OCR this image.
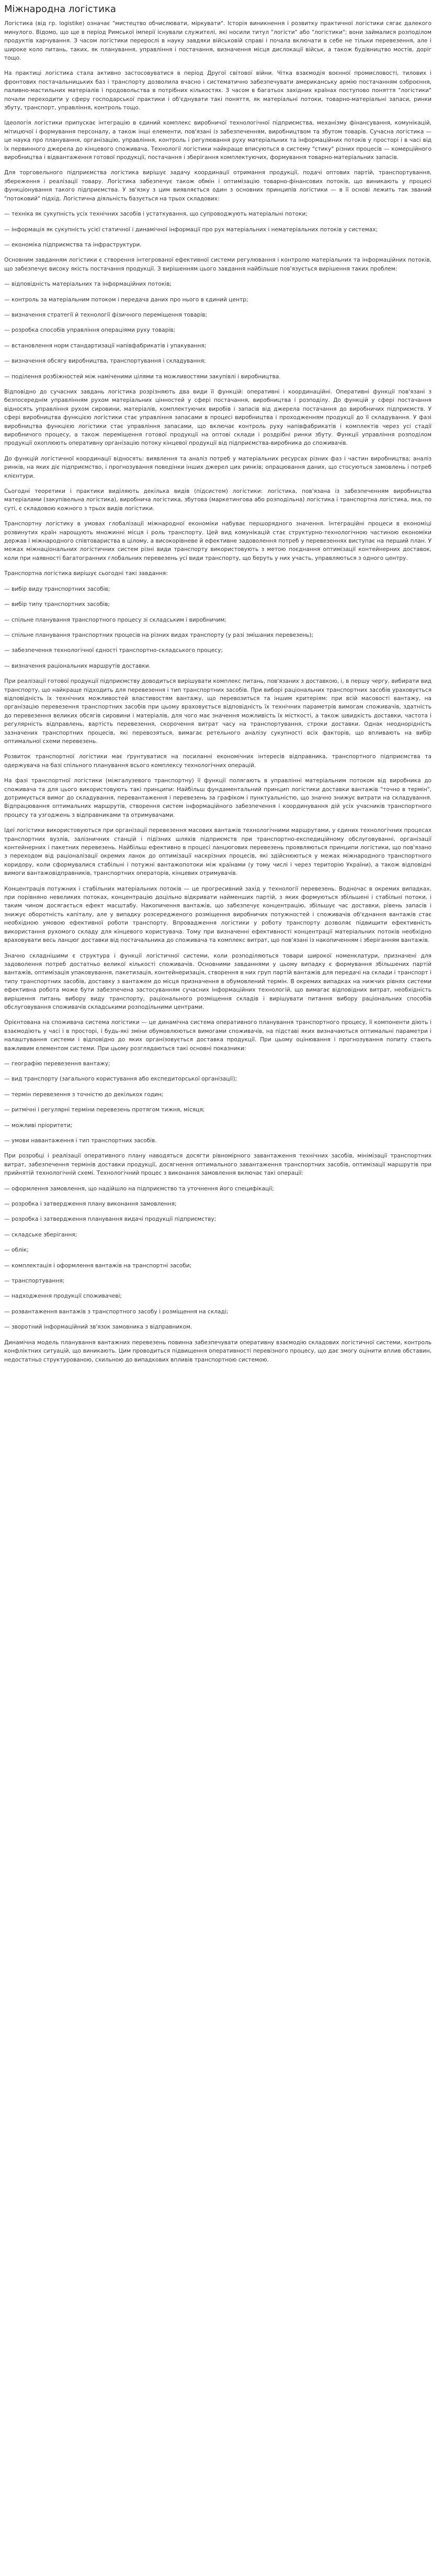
Міжнародна логістика

Логістика (від гр. logistike) означає "мистецтво обчислювати, міркувати". Історія виникнення і розвитку практичної логістики сягає далекого минулого. Відомо, що ще в період Римської імперії існували служителі, які носили титул "логісти" або "логістики"; вони займалися розподілом продуктів харчування. З часом логістики перерослі в науку завдяки військовій справі і почала включати в себе не тільки перевезення, але і широке коло питань, таких, як планування, управління і постачання, визначення місця дислокації військ, а також будівництво мостів, доріг тощо.

На практиці логістика стала активно застосовуватися в період Другої світової війни. Чітка взаємодія воєнної промисловості, тилових і фронтових постачальницьких баз і транспорту дозволила вчасно і систематично забезпечувати американську армію постачанням озброєння, паливно-мастильних матеріалів і продовольства в потрібних кількостях. З часом в багатьох західних країнах поступово поняття "логістики" почали переходити у сферу господарської практики і об'єднувати такі поняття, як матеріальні потоки, товарно-матеріальні запаси, ринки збуту, транспорт, управління, контроль тощо.

Ідеологія логістики припускає інтеграцію в єдиний комплекс виробничої технологічної підприємства, механізму фінансування, комунікацій, мітицючої і формування персоналу, а також інші елементи, пов'язані із забезпеченням, виробництвом та збутом товарів. Сучасна логістика — це наука про планування, організацію, управління, контроль і регулювання руху матеріальних та інформаційних потоків у просторі і в часі від їх первинного джерела до кінцевого споживача. Технології логістики найкраще вписуються в систему "стику" різних процесів — комерційного виробництва і відвантаження готової продукції, постачання і зберігання комплектуючих, формування товарно-матеріальних запасів.

Для торговельного підприємства логістика вирішує задачу координації отримання продукції, подачі оптових партій, транспортування, збереження і реалізації товару. Логістика забезпечує також обмін і оптимізацію товарно-фінансових потоків, що виникають у процесі функціонування такого підприємства. У зв'язку з цим виявляється один з основних принципів логістики — в її основі лежить так званий "потоковий" підхід. Логістична діяльність базується на трьох складових:

— техніка як сукупність усіх технічних засобів і устаткування, що супроводжують матеріальні потоки;
— інформація як сукупність усієї статичної і динамічної інформації про рух матеріальних і нематеріальних потоків у системах;
— економіка підприємства та інфраструктури.

Основним завданням логістики є створення інтегрованої ефективної системи регулювання і контролю матеріальних та інформаційних потоків, що забезпечує високу якість постачання продукції. З вирішенням цього завдання найбільше пов'язується вирішення таких проблем:

— відповідність матеріальних та інформаційних потоків;
— контроль за матеріальним потоком і передача даних про нього в єдиний центр;
— визначення стратегії й технології фізичного переміщення товарів;
— розробка способів управління операціями руху товарів;
— встановлення норм стандартизації напівфабрикатів і упакування;
— визначення обсягу виробництва, транспортування і складування;
— поділення розбіжностей між наміченими цілями та можливостями закупівлі і виробництва.

Відповідно до сучасних завдань логістика розрізняють два види її функцій: оперативні і координаційні. Оперативні функції пов'язані з безпосереднім управлінням рухом матеріальних цінностей у сфері постачання, виробництва і розподілу. До функцій у сфері постачання відносять управління рухом сировини, матеріалів, комплектуючих виробів і запасів від джерела постачання до виробничих підприємств. У сфері виробництва функцією логістики стає управління запасами в процесі виробництва і проходженням продукції до її складування. У фазі виробництва функцією логістики стає управління запасами, що включає контроль руху напівфабрикатів і комплектів через усі стадії виробничого процесу, а також переміщення готової продукції на оптові склади і роздрібні ринки збуту. Функції управління розподілом продукції охоплюють оперативну організацію потоку кінцевої продукції від підприємства-виробника до споживачів.

До функцій логістичної координації відносять: виявлення та аналіз потреб у матеріальних ресурсах різних фаз і частин виробництва; аналіз ринків, на яких діє підприємство, і прогнозування поведінки інших джерел цих ринків; опрацювання даних, що стосуються замовлень і потреб клієнтури.

Сьогодні теоретики і практики виділяють декілька видів (підсистем) логістики: логістика, пов'язана із забезпеченням виробництва матеріалами (закупівельна логістика), виробнича логістика, збутова (маркетингова або розподільна) логістика і транспортна логістика, яка, по суті, є складовою кожного з трьох видів логістики.

Транспортну логістику в умовах глобалізації міжнародної економіки набуває першорядного значення. Інтеграційні процеси в економіці розвинутих країн нарощують множинні місця і роль транспорту. Цей вид комунікацій стає структурно-технологічною частиною економіки держав і міжнародного співтовариства в цілому, а високорівневе й ефективне задоволення потреб у перевезеннях виступає на перший план. У межах міжнаціональних логістичних систем різні види транспорту використовують з метою поєднання оптимізації контейнерних доставок, коли при наявності багатогранних глобальних перевезень усі види транспорту, що беруть у них участь, управляються з одного центру.

Транспортна логістика вирішує сьогодні такі завдання:

— вибір виду транспортних засобів;
— вибір типу транспортних засобів;
— спільне планування транспортного процесу зі складським і виробничим;
— спільне планування транспортних процесів на різних видах транспорту (у разі змішаних перевезень);
— забезпечення технологічної єдності транспортно-складського процесу;
— визначення раціональних маршрутів доставки.

При реалізації готової продукції підприємству доводиться вирішувати комплекс питань, пов'язаних з доставкою, і, в першу чергу, вибирати вид транспорту, що найкраще підходить для перевезення і тип транспортних засобів. При виборі раціональних транспортних засобів ураховується відповідність їх технічних можливостей властивостям вантажу, що перевозиться та іншим критеріям: при всій масовості вантажу, на організацію перевезення транспортних засобів при цьому враховується відповідність їх технічних параметрів вимогам споживачів, здатність до перевезення великих обсягів сировини і матеріалів, для чого має значення можливість їх місткості, а також швидкість доставки, частота і регулярність відправлень, вартість перевезення, скорочення витрат часу на транспортування, строки доставки. Однак неоднорідність зазначених транспортних процесів, які перевозяться, вимагає ретельного аналізу сукупності всіх факторів, що впливають на вибір оптимальної схеми перевезень.

Розвиток транспортної логістики має ґрунтуватися на посиланні економічних інтересів відправника, транспортного підприємства та одержувача на базі спільного планування всього комплексу технологічних операцій.

На фазі транспортної логістики (міжгалузевого транспортну) її функції полягають в управлінні матеріальним потоком від виробника до споживача та для цього використовують такі принципи: Найбільш фундаментальний принцип логістики доставки вантажів "точно в термін", дотримується вимог до складування, перевантаження і перевезень за графіком і пунктуальністю, що значно знижує витрати на складування. Відпрацювання оптимальних маршрутів, створення систем інформаційного забезпечення і координування дій усіх учасників транспортного процесу та узгоджень з відправниками та отримувачами.

Ідеї логістики використовуються при організації перевезення масових вантажів технологічними маршрутами, у єдиних технологічних процесах транспортних вузлів, залізничних станцій і підїзних шляхів підприємств при транспортно-експедиційному обслуговуванні, організації контейнерних і пакетних перевезень. Найбільш ефективно в процесі ланцюгових перевезень проявляються принципи логістики, що пов'язано з переходом від раціоналізації окремих ланок до оптимізації наскрізних процесів, які здійснюються у межах міжнародного транспортного коридору, коли сформувалися стабільні і потужні вантажопотоки між країнами (у тому числі і через територію України), а також відповідні вимоги вантажовідправників, транспортних операторів, кінцевих отримувачів.

Концентрація потужних і стабільних матеріальних потоків — це прогресивний захід у технології перевезень. Водночас в окремих випадках, при порівняно невеликих потоках, концентрацію доцільно відкривати найменших партій, з яких формуються збільшені і стабільні потоки, і таким чином досягається ефект масштабу. Накопичення вантажів, що забезпечує концентрацію, збільшує час доставки, рівень запасів і знижує оборотність капіталу, але у випадку розсередженого розміщення виробничих потужностей і споживачів об'єднання вантажів стає необхідною умовою ефективної роботи транспорту. Впровадження логістики у роботу транспорту дозволяє підвищити ефективність використання рухомого складу для кінцевого користувача. Тому при визначенні ефективності концентрації матеріальних потоків необхідно враховувати весь ланцюг доставки від постачальника до споживача та комплекс витрат, що пов'язані із накопиченням і зберіганням вантажів.

Значно складнішими є структура і функції логістичної системи, коли розподіляються товари широкої номенклатури, призначені для задоволення потреб достатньо великої кількості споживачів. Основними завданнями у цьому випадку є формування збільшених партій вантажів, оптимізація упаковування, пакетизація, контейнеризація, створення в них груп партій вантажів для передачі на склади і транспорт і типу транспортних засобів, доставку з вантажем до місця призначення в обумовлений термін. В окремих випадках на нижчих рівнях системи ефективна робота може бути забезпечена застосуванням сучасних інформаційних технологій, що вимагає відповідних витрат, необхідність вирішення питань вибору виду транспорту, раціонального розміщення складів і вирішувати питання вибору раціональних способів обслуговування споживачів складськими розподільними центрами.

Орієнтована на споживача система логістики — це динамічна система оперативного планування транспортного процесу, її компоненти діють і взаємодіють у часі і в просторі, і будь-які зміни обумовлюються вимогами споживачів, на підставі яких визначаються оптимальні параметри і налаштування системи і відповідно до яких організовується доставка продукції. При цьому оцінювання і прогнозування попиту стають важливим елементом системи. При цьому розглядаються такі основні показники:

— географію перевезення вантажу;
— вид транспорту (загального користування або експедиторської організації);
— термін перевезення з точністю до декількох годин;
— ритмічні і регулярні терміни перевезень протягом тижня, місяця;
— можливі пріоритети;
— умови навантаження і тип транспортних засобів.

При розробці і реалізації оперативного плану наводяться досягти рівномірного завантаження технічних засобів, мінімізації транспортних витрат, забезпечення термінів доставки продукції, досягнення оптимального завантаження транспортних засобів, оптимізації маршрутів при прийнятій технологічній схемі. Технологічний процес з виконання замовлення включає такі операції:

— оформлення замовлення, що надійшло на підприємство та уточнення його специфікації;
— розробка і затвердження плану виконання замовлення;
— розробка і затвердження планування видачі продукції підприємству;
— складське зберігання;
— облік;
— комплектація і оформлення вантажів на транспортні засоби;
— транспортування;
— надходження продукції споживачеві;
— розвантаження вантажів з транспортного засобу і розміщення на складі;
— зворотний інформаційний зв'язок замовника з відправником.

Динамічна модель планування вантажних перевезень повинна забезпечувати оперативну взаємодію складових логістичної системи, контроль конфліктних ситуацій, що виникають. Цим проводиться підвищення оперативності перевізного процесу, що дає змогу оцінити вплив обставин, недостатньо структурованою, схильною до випадкових впливів транспортною системою.
